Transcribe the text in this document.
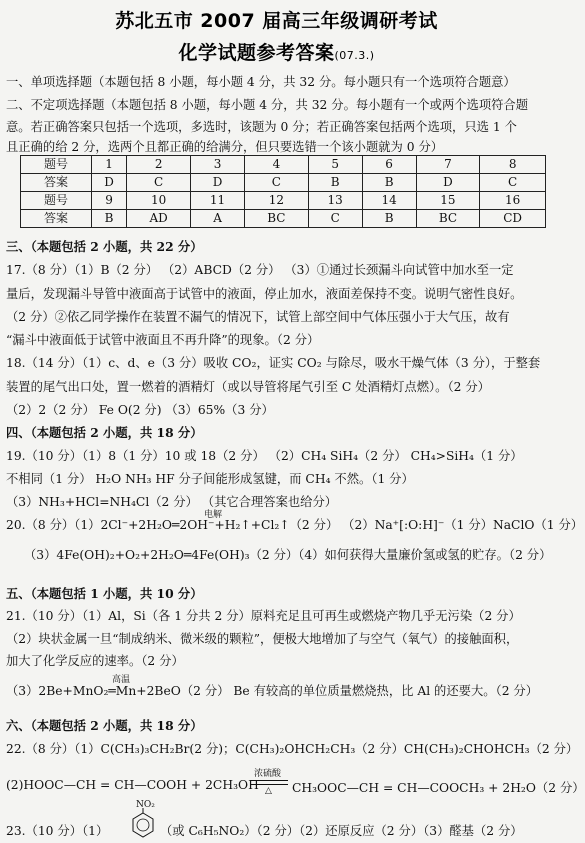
苏北五市 2007 届高三年级调研考试
化学试题参考答案(07.3.)
一、单项选择题（本题包括 8 小题，每小题 4 分，共 32 分。每小题只有一个选项符合题意）
二、不定项选择题（本题包括 8 小题，每小题 4 分，共 32 分。每小题有一个或两个选项符合题
意。若正确答案只包括一个选项，多选时，该题为 0 分；若正确答案包括两个选项，只选 1 个
且正确的给 2 分，选两个且都正确的给满分，但只要选错一个该小题就为 0 分）
题号	1	2	3	4	5	6	7	8
答案	D	C	D	C	B	B	D	C
题号	9	10	11	12	13	14	15	16
答案	B	AD	A	BC	C	B	BC	CD
三、（本题包括 2 小题，共 22 分）
17.（8 分）（1）B（2 分） （2）ABCD（2 分） （3）①通过长颈漏斗向试管中加水至一定
量后，发现漏斗导管中液面高于试管中的液面，停止加水，液面差保持不变。说明气密性良好。
（2 分）②依乙同学操作在装置不漏气的情况下，试管上部空间中气体压强小于大气压，故有
“漏斗中液面低于试管中液面且不再升降”的现象。（2 分）
18.（14 分）（1）c、d、e（3 分）吸收 CO₂，证实 CO₂ 与除尽，吸水干燥气体（3 分），于整套
装置的尾气出口处，置一燃着的酒精灯（或以导管将尾气引至 C 处酒精灯点燃）。（2 分）
（2）2（2 分） Fe O(2 分) （3）65%（3 分）
四、（本题包括 2 小题，共 18 分）
19.（10 分）（1）8（1 分）10 或 18（2 分） （2）CH₄ SiH₄（2 分） CH₄>SiH₄（1 分）
不相同（1 分） H₂O NH₃ HF 分子间能形成氢键，而 CH₄ 不然。（1 分）
（3）NH₃+HCl=NH₄Cl（2 分） （其它合理答案也给分）
电解
20.（8 分）（1）2Cl⁻+2H₂O═2OH⁻+H₂↑+Cl₂↑（2 分） （2）Na⁺[:O:H]⁻（1 分）NaClO（1 分）
（3）4Fe(OH)₂+O₂+2H₂O═4Fe(OH)₃（2 分）（4）如何获得大量廉价氢或氢的贮存。（2 分）
五、（本题包括 1 小题，共 10 分）
21.（10 分）（1）Al，Si（各 1 分共 2 分）原料充足且可再生或燃烧产物几乎无污染（2 分）
（2）块状金属一旦“制成纳米、微米级的颗粒”，便极大地增加了与空气（氧气）的接触面积，
加大了化学反应的速率。（2 分）
高温
（3）2Be+MnO₂═Mn+2BeO（2 分） Be 有较高的单位质量燃烧热，比 Al 的还要大。（2 分）
六、（本题包括 2 小题，共 18 分）
22.（8 分）（1）C(CH₃)₃CH₂Br(2 分)；C(CH₃)₂OHCH₂CH₃（2 分）CH(CH₃)₂CHOHCH₃（2 分）
(2)HOOC—CH = CH—COOH + 2CH₃OH
浓硫酸
△ CH₃OOC—CH = CH—COOCH₃ + 2H₂O（2 分）
23.（10 分）（1）
NO₂
（或 C₆H₅NO₂）（2 分）（2）还原反应（2 分）（3）醛基（2 分）
